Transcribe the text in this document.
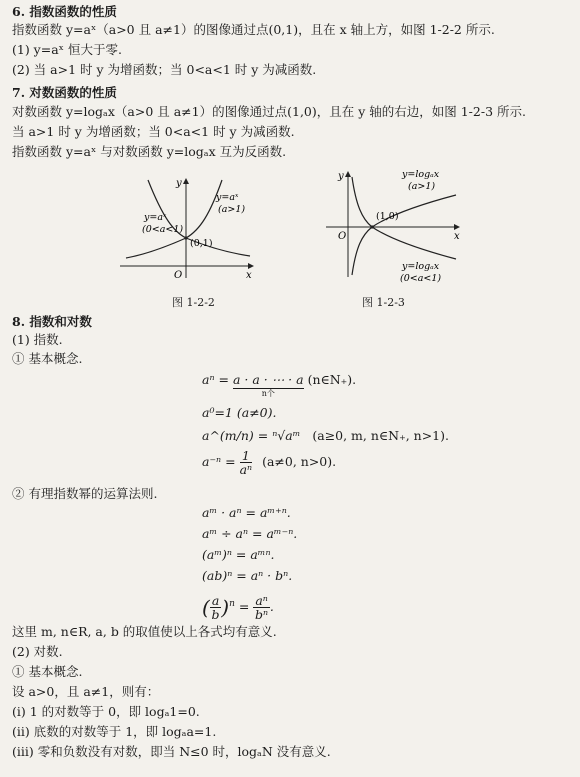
6. 指数函数的性质
指数函数 y=aˣ（a>0 且 a≠1）的图像通过点(0,1)，且在 x 轴上方，如图 1-2-2 所示.
(1) y=aˣ 恒大于零.
(2) 当 a>1 时 y 为增函数；当 0<a<1 时 y 为减函数.
7. 对数函数的性质
对数函数 y=logₐx（a>0 且 a≠1）的图像通过点(1,0)，且在 y 轴的右边，如图 1-2-3 所示.
当 a>1 时 y 为增函数；当 0<a<1 时 y 为减函数.
指数函数 y=aˣ 与对数函数 y=logₐx 互为反函数.
y
x
O
(0,1)
y=aˣ
(0<a<1)
y=aˣ
(a>1)
图 1-2-2
y
x
O
(1,0)
y=logₐx
(a>1)
y=logₐx
(0<a<1)
图 1-2-3
8. 指数和对数
(1) 指数.
① 基本概念.
aⁿ = a · a · ⋯ · a
n个
(n∈N₊).
a⁰=1 (a≠0).
a^(m/n) = ⁿ√aᵐ (a≥0, m, n∈N₊, n>1).
$a^{-n} = \frac{1}{\text{aⁿ}} (a\ne 0$, n>0).
② 有理指数幂的运算法则.
aᵐ · aⁿ = aᵐ⁺ⁿ.
aᵐ ÷ aⁿ = aᵐ⁻ⁿ.
(aᵐ)ⁿ = aᵐⁿ.
(ab)ⁿ = aⁿ · bⁿ.
( $\frac{a}{b} )^n = \frac{\text{aⁿ}}{\text{bⁿ}}$ .
这里 m, n∈R, a, b 的取值使以上各式均有意义.
(2) 对数.
① 基本概念.
设 a>0，且 a≠1，则有：
(i) 1 的对数等于 0，即 logₐ1=0.
(ii) 底数的对数等于 1，即 logₐa=1.
(iii) 零和负数没有对数，即当 N≤0 时，logₐN 没有意义.
